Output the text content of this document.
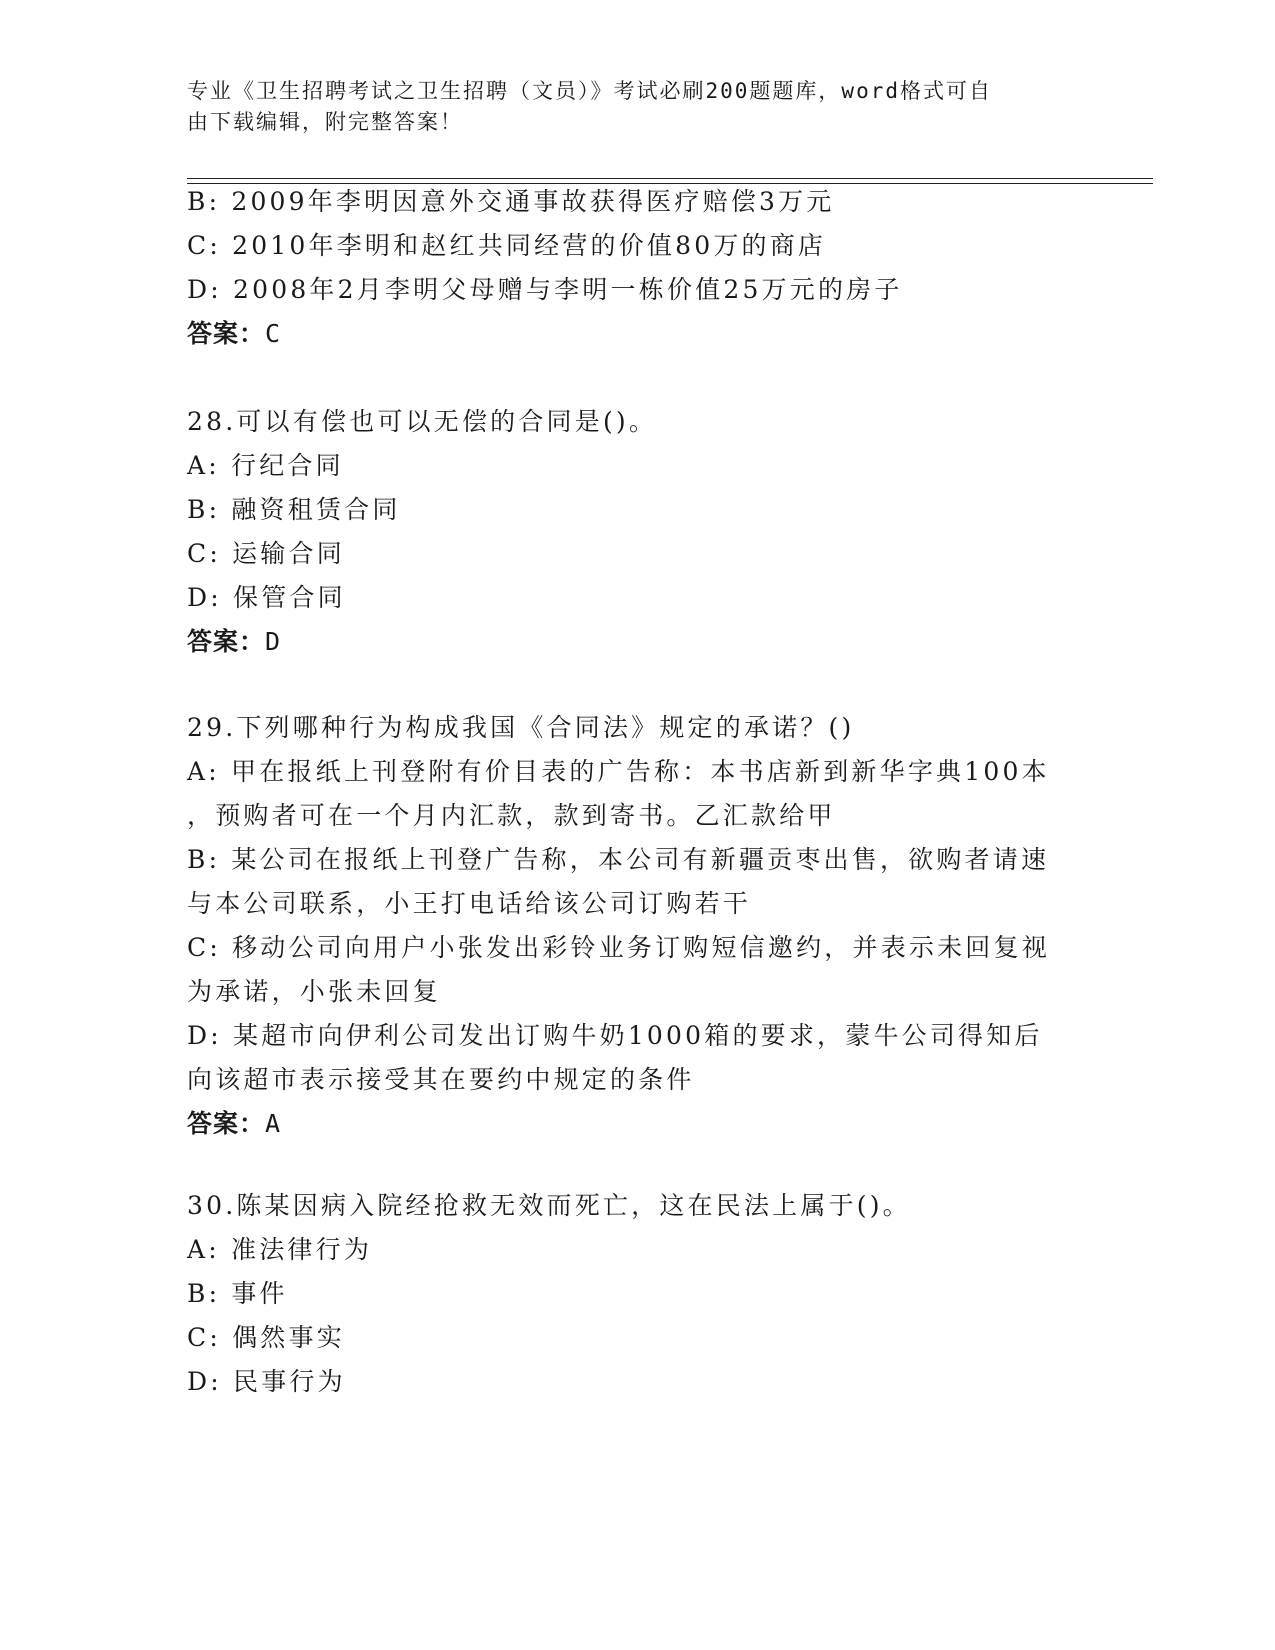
专业《卫生招聘考试之卫生招聘（文员）》考试必刷200题题库，word格式可自
由下载编辑，附完整答案！
B: 2009年李明因意外交通事故获得医疗赔偿3万元
C: 2010年李明和赵红共同经营的价值80万的商店
D: 2008年2月李明父母赠与李明一栋价值25万元的房子
答案：C
28.可以有偿也可以无偿的合同是()。
A: 行纪合同
B: 融资租赁合同
C: 运输合同
D: 保管合同
答案：D
29.下列哪种行为构成我国《合同法》规定的承诺？()
A: 甲在报纸上刊登附有价目表的广告称：本书店新到新华字典100本
，预购者可在一个月内汇款，款到寄书。乙汇款给甲
B: 某公司在报纸上刊登广告称，本公司有新疆贡枣出售，欲购者请速
与本公司联系，小王打电话给该公司订购若干
C: 移动公司向用户小张发出彩铃业务订购短信邀约，并表示未回复视
为承诺，小张未回复
D: 某超市向伊利公司发出订购牛奶1000箱的要求，蒙牛公司得知后
向该超市表示接受其在要约中规定的条件
答案：A
30.陈某因病入院经抢救无效而死亡，这在民法上属于()。
A: 准法律行为
B: 事件
C: 偶然事实
D: 民事行为
